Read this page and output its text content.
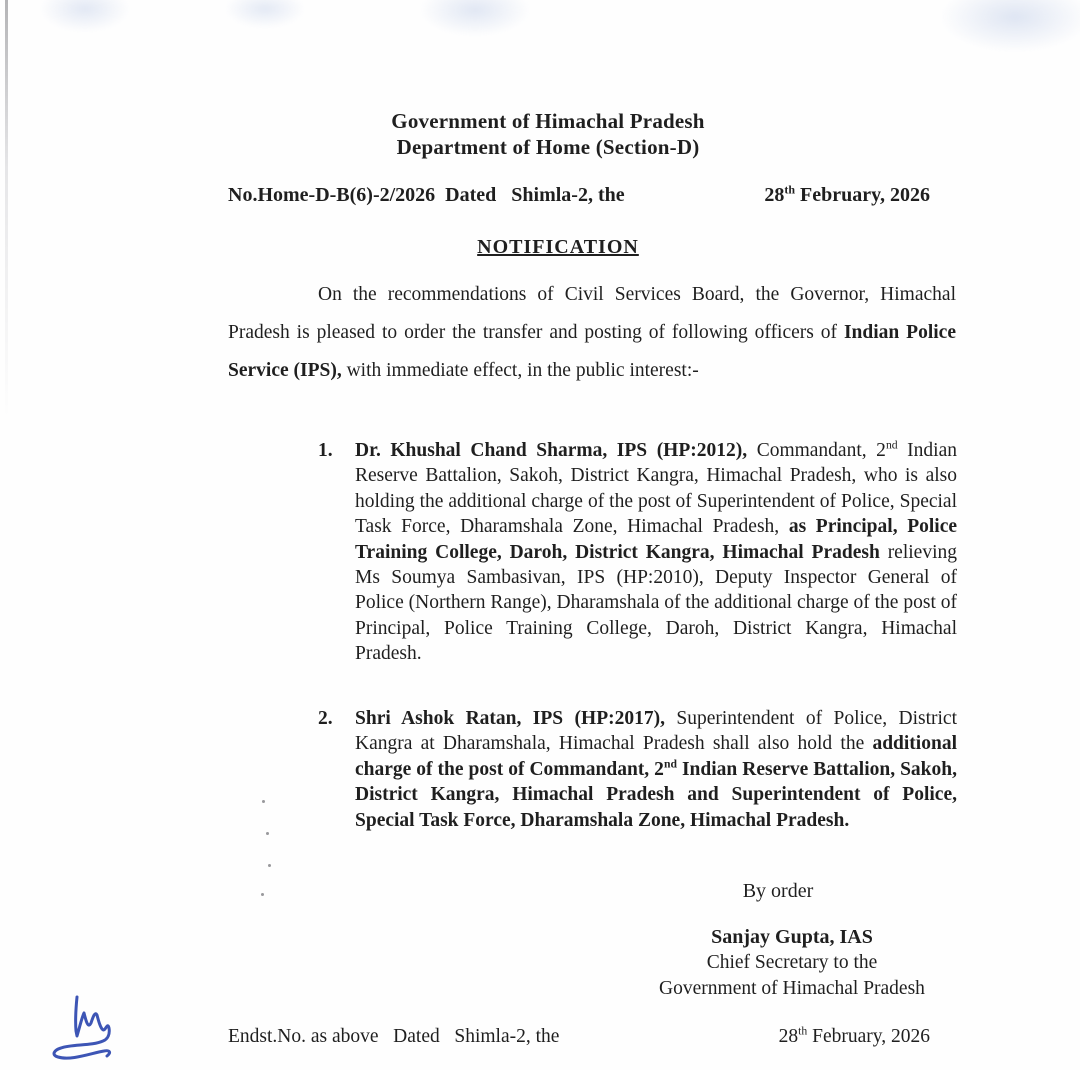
Government of Himachal Pradesh
Department of Home (Section-D)
No.Home-D-B(6)-2/2026  Dated   Shimla-2, the	28th February, 2026
NOTIFICATION
On the recommendations of Civil Services Board, the Governor, Himachal Pradesh is pleased to order the transfer and posting of following officers of Indian Police Service (IPS), with immediate effect, in the public interest:-
1.	Dr. Khushal Chand Sharma, IPS (HP:2012), Commandant, 2nd Indian Reserve Battalion, Sakoh, District Kangra, Himachal Pradesh, who is also holding the additional charge of the post of Superintendent of Police, Special Task Force, Dharamshala Zone, Himachal Pradesh, as Principal, Police Training College, Daroh, District Kangra, Himachal Pradesh relieving Ms Soumya Sambasivan, IPS (HP:2010), Deputy Inspector General of Police (Northern Range), Dharamshala of the additional charge of the post of Principal, Police Training College, Daroh, District Kangra, Himachal Pradesh.
2.	Shri Ashok Ratan, IPS (HP:2017), Superintendent of Police, District Kangra at Dharamshala, Himachal Pradesh shall also hold the additional charge of the post of Commandant, 2nd Indian Reserve Battalion, Sakoh, District Kangra, Himachal Pradesh and Superintendent of Police, Special Task Force, Dharamshala Zone, Himachal Pradesh.
By order
Sanjay Gupta, IAS
Chief Secretary to the
Government of Himachal Pradesh
Endst.No. as above   Dated   Shimla-2, the	28th February, 2026
